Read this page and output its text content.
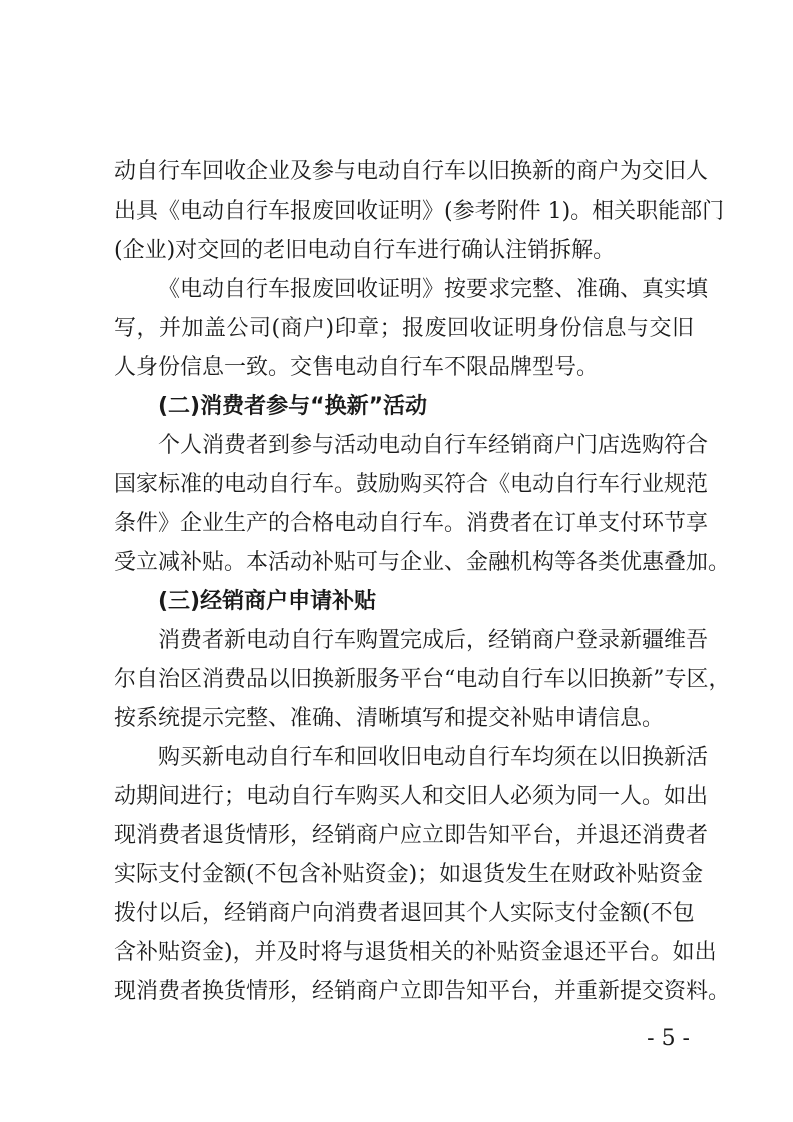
动自行车回收企业及参与电动自行车以旧换新的商户为交旧人
出具《电动自行车报废回收证明》(参考附件 1)。相关职能部门
(企业)对交回的老旧电动自行车进行确认注销拆解。
《电动自行车报废回收证明》按要求完整、准确、真实填
写，并加盖公司(商户)印章；报废回收证明身份信息与交旧
人身份信息一致。交售电动自行车不限品牌型号。
(二)消费者参与“换新”活动
个人消费者到参与活动电动自行车经销商户门店选购符合
国家标准的电动自行车。鼓励购买符合《电动自行车行业规范
条件》企业生产的合格电动自行车。消费者在订单支付环节享
受立减补贴。本活动补贴可与企业、金融机构等各类优惠叠加。
(三)经销商户申请补贴
消费者新电动自行车购置完成后，经销商户登录新疆维吾
尔自治区消费品以旧换新服务平台“电动自行车以旧换新”专区，
按系统提示完整、准确、清晰填写和提交补贴申请信息。
购买新电动自行车和回收旧电动自行车均须在以旧换新活
动期间进行；电动自行车购买人和交旧人必须为同一人。如出
现消费者退货情形，经销商户应立即告知平台，并退还消费者
实际支付金额(不包含补贴资金)；如退货发生在财政补贴资金
拨付以后，经销商户向消费者退回其个人实际支付金额(不包
含补贴资金)，并及时将与退货相关的补贴资金退还平台。如出
现消费者换货情形，经销商户立即告知平台，并重新提交资料。
- 5 -
